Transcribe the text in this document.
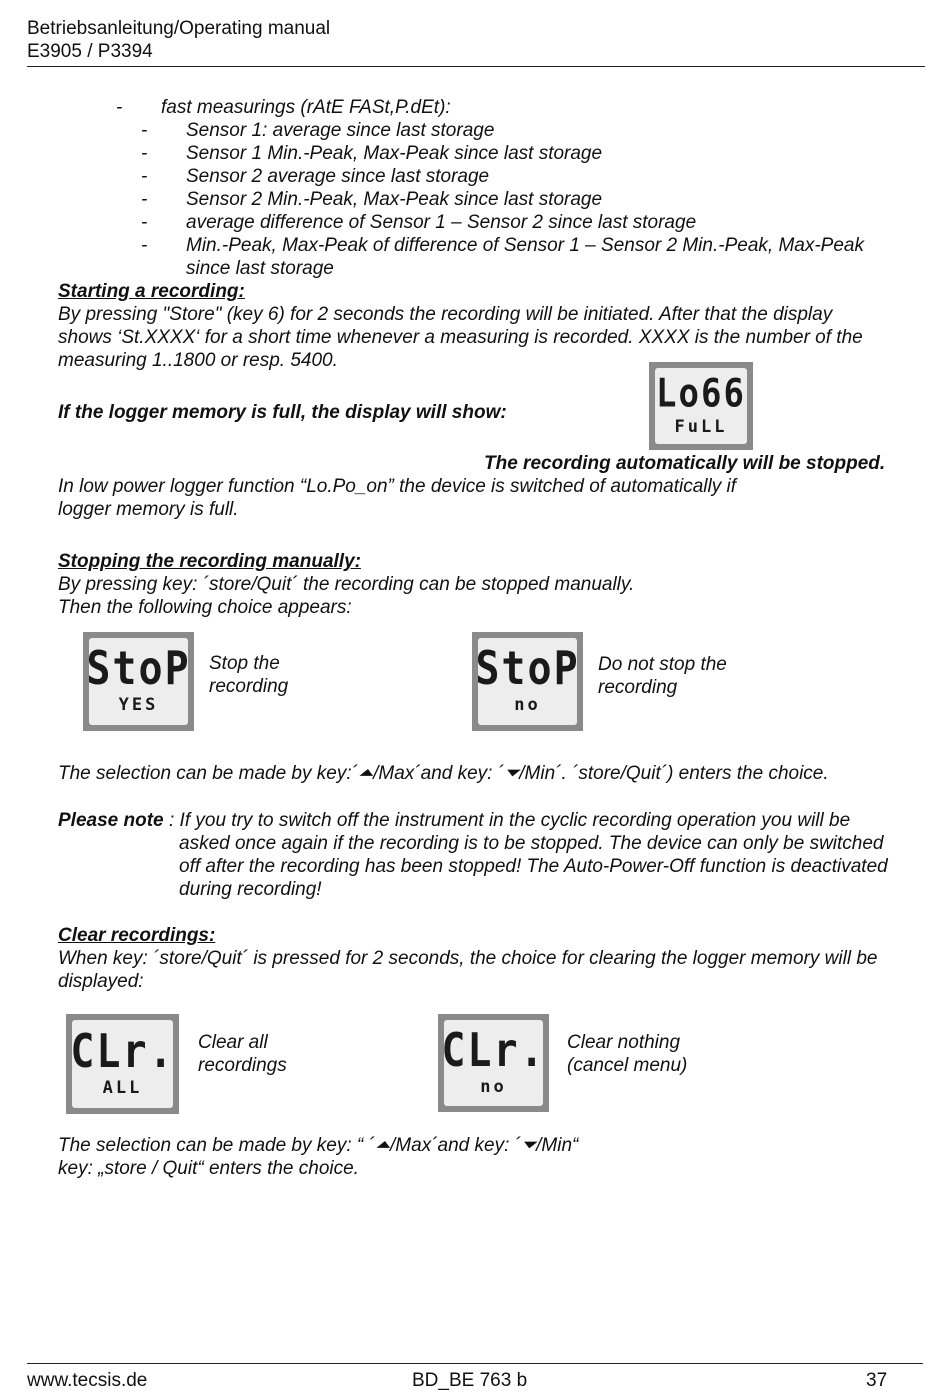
Betriebsanleitung/Operating manual
E3905 / P3394
- fast measurings (rAtE FASt,P.dEt):
- Sensor 1: average since last storage
- Sensor 1 Min.-Peak, Max-Peak since last storage
- Sensor 2 average since last storage
- Sensor 2 Min.-Peak, Max-Peak since last storage
- average difference of Sensor 1 – Sensor 2 since last storage
- Min.-Peak, Max-Peak of difference of Sensor 1 – Sensor 2 Min.-Peak, Max-Peak
since last storage
Starting a recording:
By pressing "Store" (key 6) for 2 seconds the recording will be initiated. After that the display
shows ‘St.XXXX‘ for a short time whenever a measuring is recorded. XXXX is the number of the
measuring 1..1800 or resp. 5400.
If the logger memory is full, the display will show:	Lo66
FuLL
The recording automatically will be stopped.
In low power logger function “Lo.Po_on” the device is switched of automatically if
logger memory is full.
Stopping the recording manually:
By pressing key: ´store/Quit´ the recording can be stopped manually.
Then the following choice appears:
StoP
YES
Stop the
recording	StoP
no
Do not stop the
recording
The selection can be made by key:´⏶/Max´and key: ´⏷/Min´. ´store/Quit´) enters the choice.
Please note : If you try to switch off the instrument in the cyclic recording operation you will be
asked once again if the recording is to be stopped. The device can only be switched
off after the recording has been stopped! The Auto-Power-Off function is deactivated
during recording!
Clear recordings:
When key: ´store/Quit´ is pressed for 2 seconds, the choice for clearing the logger memory will be
displayed:
CLr.
ALL
Clear all
recordings	CLr.
no
Clear nothing
(cancel menu)
The selection can be made by key: “ ´⏶/Max´and key: ´⏷/Min“
key: „store / Quit“ enters the choice.
www.tecsis.de	BD_BE 763 b	37
